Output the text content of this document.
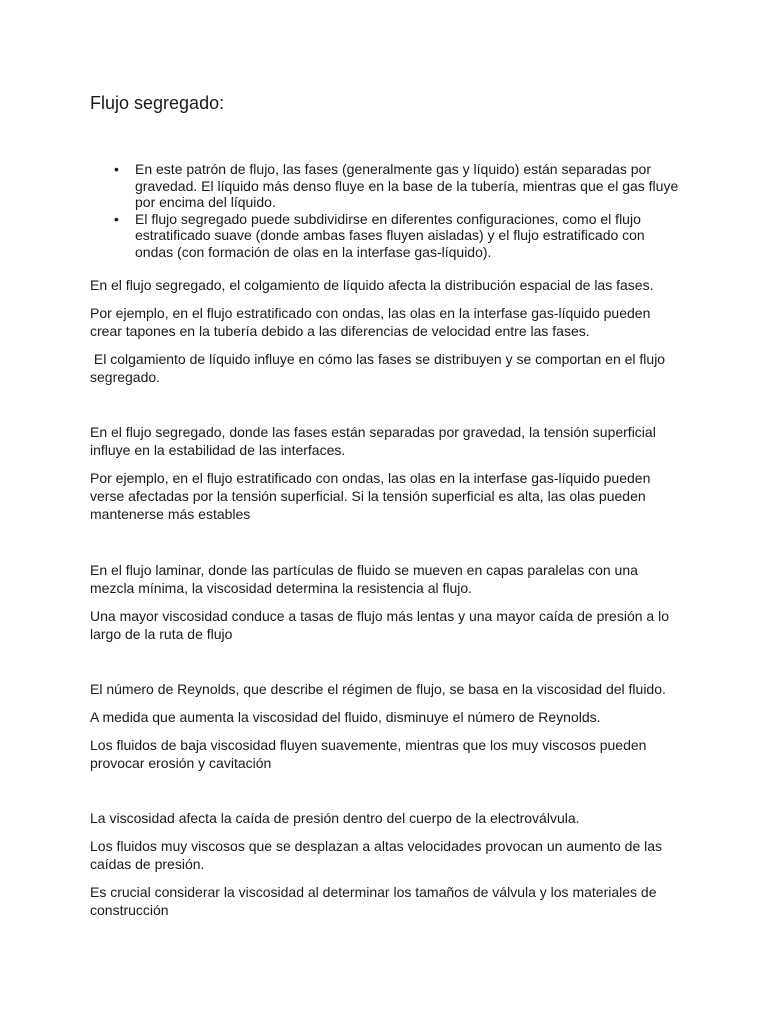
Flujo segregado:
• En este patrón de flujo, las fases (generalmente gas y líquido) están separadas por gravedad. El líquido más denso fluye en la base de la tubería, mientras que el gas fluye por encima del líquido.
• El flujo segregado puede subdividirse en diferentes configuraciones, como el flujo estratificado suave (donde ambas fases fluyen aisladas) y el flujo estratificado con ondas (con formación de olas en la interfase gas-líquido).

En el flujo segregado, el colgamiento de líquido afecta la distribución espacial de las fases.

Por ejemplo, en el flujo estratificado con ondas, las olas en la interfase gas-líquido pueden crear tapones en la tubería debido a las diferencias de velocidad entre las fases.

El colgamiento de líquido influye en cómo las fases se distribuyen y se comportan en el flujo segregado.

En el flujo segregado, donde las fases están separadas por gravedad, la tensión superficial influye en la estabilidad de las interfaces.

Por ejemplo, en el flujo estratificado con ondas, las olas en la interfase gas-líquido pueden verse afectadas por la tensión superficial. Si la tensión superficial es alta, las olas pueden mantenerse más estables

En el flujo laminar, donde las partículas de fluido se mueven en capas paralelas con una mezcla mínima, la viscosidad determina la resistencia al flujo.

Una mayor viscosidad conduce a tasas de flujo más lentas y una mayor caída de presión a lo largo de la ruta de flujo

El número de Reynolds, que describe el régimen de flujo, se basa en la viscosidad del fluido.

A medida que aumenta la viscosidad del fluido, disminuye el número de Reynolds.

Los fluidos de baja viscosidad fluyen suavemente, mientras que los muy viscosos pueden provocar erosión y cavitación

La viscosidad afecta la caída de presión dentro del cuerpo de la electroválvula.

Los fluidos muy viscosos que se desplazan a altas velocidades provocan un aumento de las caídas de presión.

Es crucial considerar la viscosidad al determinar los tamaños de válvula y los materiales de construcción
